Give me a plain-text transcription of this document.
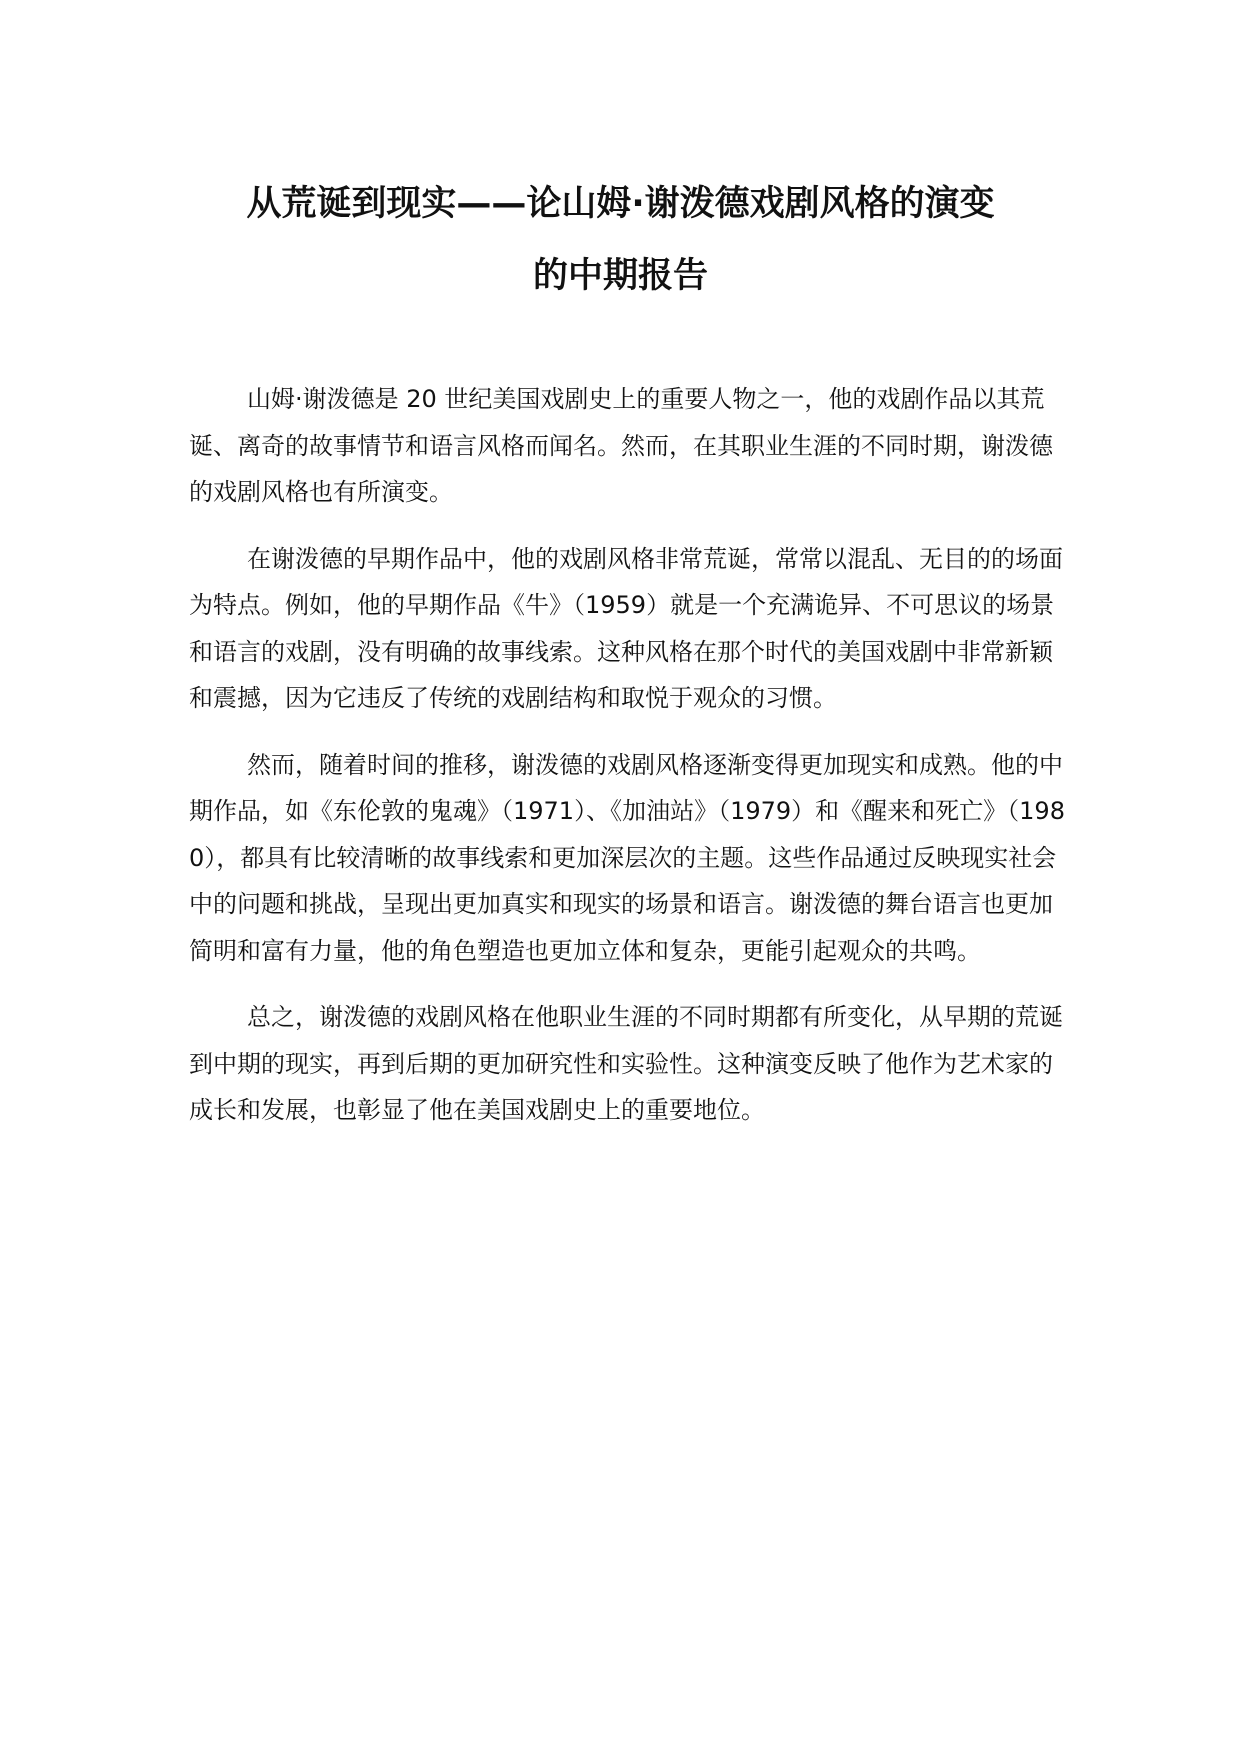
从荒诞到现实——论山姆·谢泼德戏剧风格的演变
的中期报告

山姆·谢泼德是 20 世纪美国戏剧史上的重要人物之一，他的戏剧作品以其荒诞、离奇的故事情节和语言风格而闻名。然而，在其职业生涯的不同时期，谢泼德的戏剧风格也有所演变。

在谢泼德的早期作品中，他的戏剧风格非常荒诞，常常以混乱、无目的的场面为特点。例如，他的早期作品《牛》（1959）就是一个充满诡异、不可思议的场景和语言的戏剧，没有明确的故事线索。这种风格在那个时代的美国戏剧中非常新颖和震撼，因为它违反了传统的戏剧结构和取悦于观众的习惯。

然而，随着时间的推移，谢泼德的戏剧风格逐渐变得更加现实和成熟。他的中期作品，如《东伦敦的鬼魂》（1971）、《加油站》（1979）和《醒来和死亡》（1980），都具有比较清晰的故事线索和更加深层次的主题。这些作品通过反映现实社会中的问题和挑战，呈现出更加真实和现实的场景和语言。谢泼德的舞台语言也更加简明和富有力量，他的角色塑造也更加立体和复杂，更能引起观众的共鸣。

总之，谢泼德的戏剧风格在他职业生涯的不同时期都有所变化，从早期的荒诞到中期的现实，再到后期的更加研究性和实验性。这种演变反映了他作为艺术家的成长和发展，也彰显了他在美国戏剧史上的重要地位。
